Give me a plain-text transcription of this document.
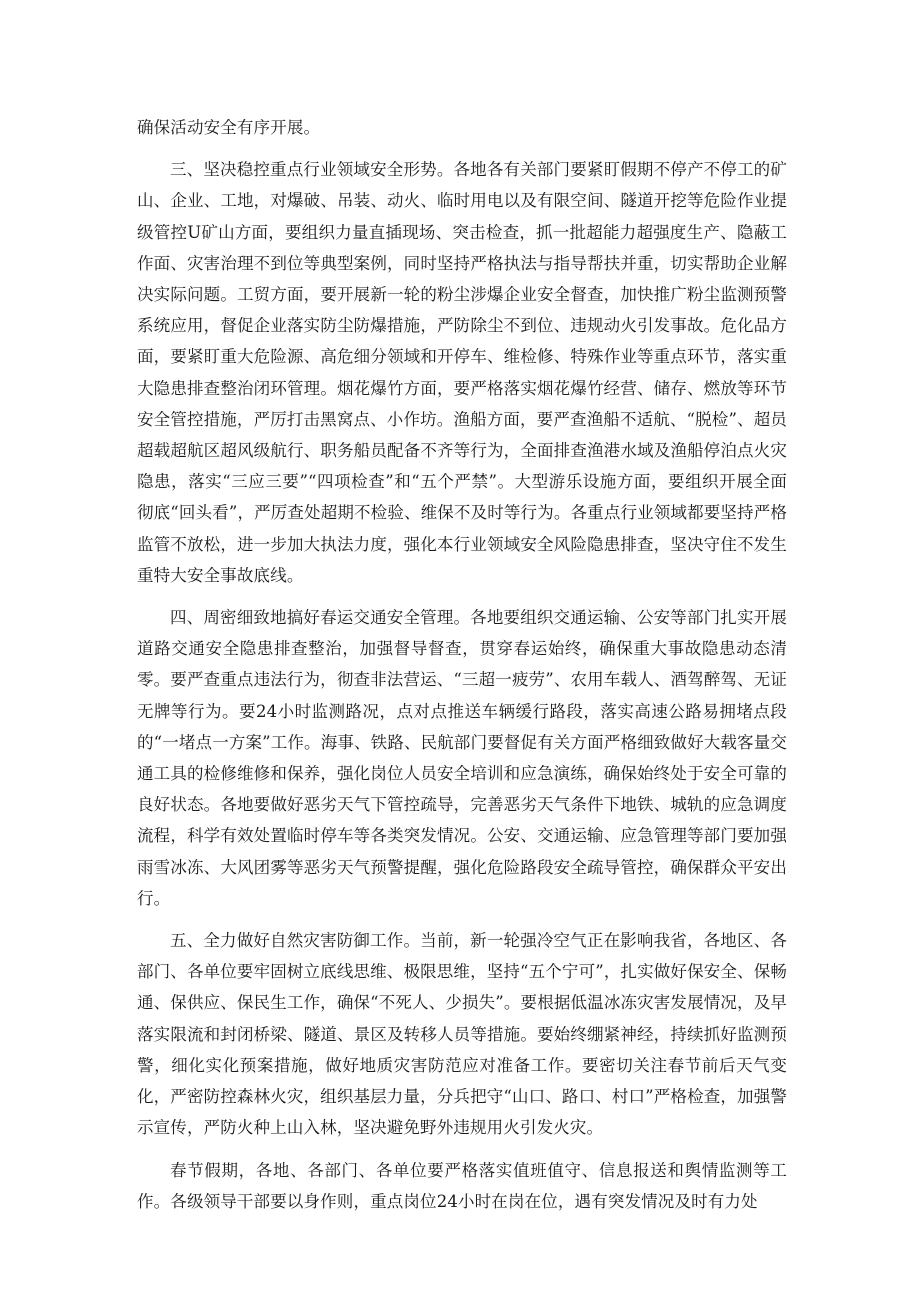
确保活动安全有序开展。

三、坚决稳控重点行业领域安全形势。各地各有关部门要紧盯假期不停产不停工的矿山、企业、工地，对爆破、吊装、动火、临时用电以及有限空间、隧道开挖等危险作业提级管控U矿山方面，要组织力量直插现场、突击检查，抓一批超能力超强度生产、隐蔽工作面、灾害治理不到位等典型案例，同时坚持严格执法与指导帮扶并重，切实帮助企业解决实际问题。工贸方面，要开展新一轮的粉尘涉爆企业安全督查，加快推广粉尘监测预警系统应用，督促企业落实防尘防爆措施，严防除尘不到位、违规动火引发事故。危化品方面，要紧盯重大危险源、高危细分领域和开停车、维检修、特殊作业等重点环节，落实重大隐患排查整治闭环管理。烟花爆竹方面，要严格落实烟花爆竹经营、储存、燃放等环节安全管控措施，严厉打击黑窝点、小作坊。渔船方面，要严查渔船不适航、“脱检”、超员超载超航区超风级航行、职务船员配备不齐等行为，全面排查渔港水域及渔船停泊点火灾隐患，落实“三应三要”“四项检查”和“五个严禁”。大型游乐设施方面，要组织开展全面彻底“回头看”，严厉查处超期不检验、维保不及时等行为。各重点行业领域都要坚持严格监管不放松，进一步加大执法力度，强化本行业领域安全风险隐患排查，坚决守住不发生重特大安全事故底线。

四、周密细致地搞好春运交通安全管理。各地要组织交通运输、公安等部门扎实开展道路交通安全隐患排查整治，加强督导督查，贯穿春运始终，确保重大事故隐患动态清零。要严查重点违法行为，彻查非法营运、“三超一疲劳”、农用车载人、酒驾醉驾、无证无牌等行为。要24小时监测路况，点对点推送车辆缓行路段，落实高速公路易拥堵点段的“一堵点一方案”工作。海事、铁路、民航部门要督促有关方面严格细致做好大载客量交通工具的检修维修和保养，强化岗位人员安全培训和应急演练，确保始终处于安全可靠的良好状态。各地要做好恶劣天气下管控疏导，完善恶劣天气条件下地铁、城轨的应急调度流程，科学有效处置临时停车等各类突发情况。公安、交通运输、应急管理等部门要加强雨雪冰冻、大风团雾等恶劣天气预警提醒，强化危险路段安全疏导管控，确保群众平安出行。

五、全力做好自然灾害防御工作。当前，新一轮强冷空气正在影响我省，各地区、各部门、各单位要牢固树立底线思维、极限思维，坚持“五个宁可”，扎实做好保安全、保畅通、保供应、保民生工作，确保“不死人、少损失”。要根据低温冰冻灾害发展情况，及早落实限流和封闭桥梁、隧道、景区及转移人员等措施。要始终绷紧神经，持续抓好监测预警，细化实化预案措施，做好地质灾害防范应对准备工作。要密切关注春节前后天气变化，严密防控森林火灾，组织基层力量，分兵把守“山口、路口、村口”严格检查，加强警示宣传，严防火种上山入林，坚决避免野外违规用火引发火灾。

春节假期，各地、各部门、各单位要严格落实值班值守、信息报送和舆情监测等工作。各级领导干部要以身作则，重点岗位24小时在岗在位，遇有突发情况及时有力处
